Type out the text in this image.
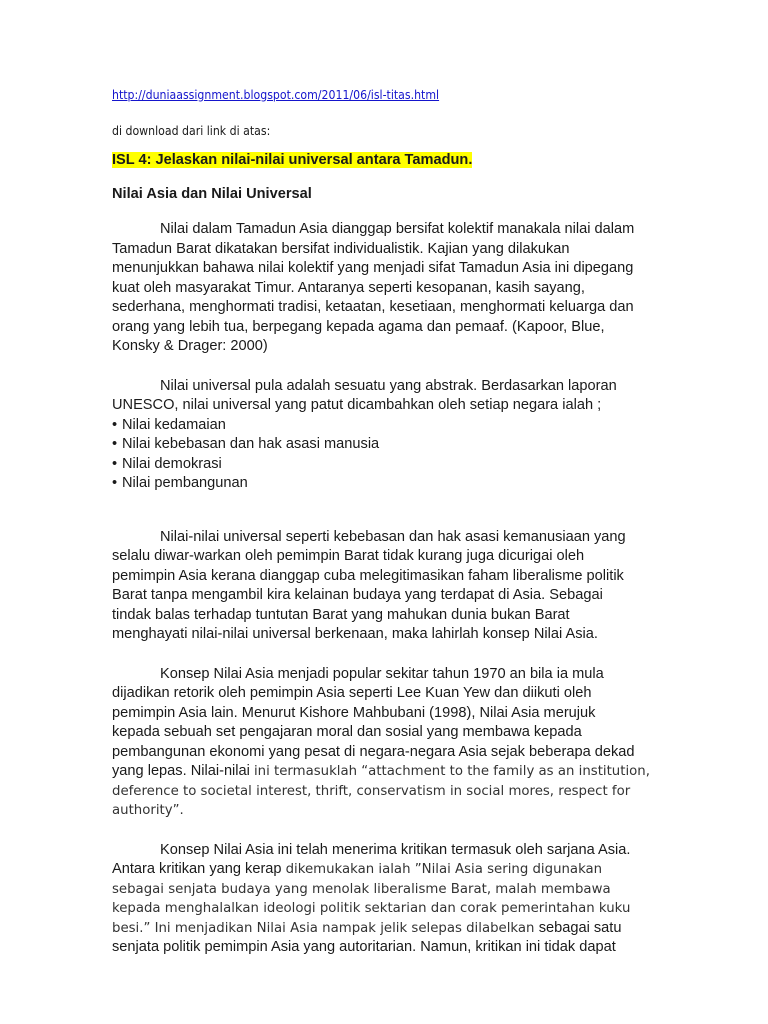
http://duniaassignment.blogspot.com/2011/06/isl-titas.html
di download dari link di atas:
ISL 4: Jelaskan nilai-nilai universal antara Tamadun.
Nilai Asia dan Nilai Universal

Nilai dalam Tamadun Asia dianggap bersifat kolektif manakala nilai dalam

Tamadun Barat dikatakan bersifat individualistik. Kajian yang dilakukan

menunjukkan bahawa nilai kolektif yang menjadi sifat Tamadun Asia ini dipegang

kuat oleh masyarakat Timur. Antaranya seperti kesopanan, kasih sayang,

sederhana, menghormati tradisi, ketaatan, kesetiaan, menghormati keluarga dan

orang yang lebih tua, berpegang kepada agama dan pemaaf. (Kapoor, Blue,

Konsky & Drager: 2000)

Nilai universal pula adalah sesuatu yang abstrak. Berdasarkan laporan

UNESCO, nilai universal yang patut dicambahkan oleh setiap negara ialah ;

• Nilai kedamaian
• Nilai kebebasan dan hak asasi manusia
• Nilai demokrasi
• Nilai pembangunan

Nilai-nilai universal seperti kebebasan dan hak asasi kemanusiaan yang

selalu diwar-warkan oleh pemimpin Barat tidak kurang juga dicurigai oleh

pemimpin Asia kerana dianggap cuba melegitimasikan faham liberalisme politik

Barat tanpa mengambil kira kelainan budaya yang terdapat di Asia. Sebagai

tindak balas terhadap tuntutan Barat yang mahukan dunia bukan Barat

menghayati nilai-nilai universal berkenaan, maka lahirlah konsep Nilai Asia.

Konsep Nilai Asia menjadi popular sekitar tahun 1970 an bila ia mula

dijadikan retorik oleh pemimpin Asia seperti Lee Kuan Yew dan diikuti oleh

pemimpin Asia lain. Menurut Kishore Mahbubani (1998), Nilai Asia merujuk

kepada sebuah set pengajaran moral dan sosial yang membawa kepada

pembangunan ekonomi yang pesat di negara-negara Asia sejak beberapa dekad

yang lepas. Nilai-nilai ini termasuklah “attachment to the family as an institution,

deference to societal interest, thrift, conservatism in social mores, respect for

authority”.

Konsep Nilai Asia ini telah menerima kritikan termasuk oleh sarjana Asia.

Antara kritikan yang kerap dikemukakan ialah ”Nilai Asia sering digunakan

sebagai senjata budaya yang menolak liberalisme Barat, malah membawa

kepada menghalalkan ideologi politik sektarian dan corak pemerintahan kuku

besi.” Ini menjadikan Nilai Asia nampak jelik selepas dilabelkan sebagai satu

senjata politik pemimpin Asia yang autoritarian. Namun, kritikan ini tidak dapat
